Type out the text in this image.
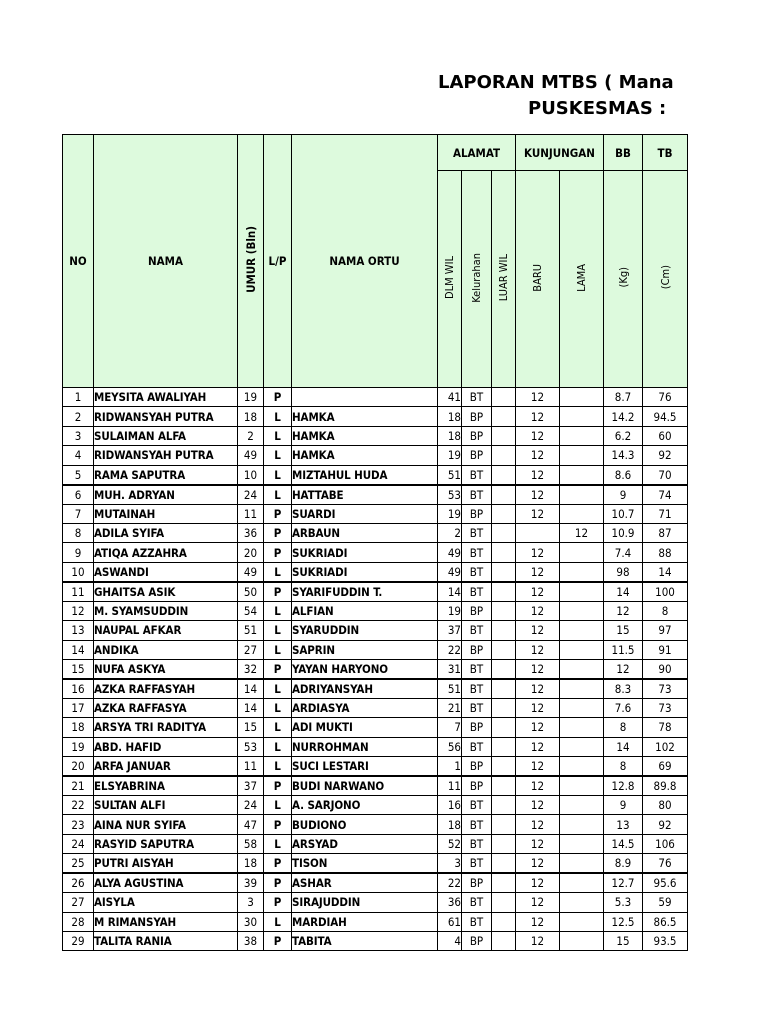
LAPORAN MTBS ( Mana
PUSKESMAS :
NO	NAMA	UMUR (Bln)	L/P	NAMA ORTU	ALAMAT			KUNJUNGAN		BB	TB
					DLM WIL	Kelurahan	LUAR WIL	BARU	LAMA	(Kg)	(Cm)
1	MEYSITA AWALIYAH	19	P		41	BT		12		8.7	76
2	RIDWANSYAH PUTRA	18	L	HAMKA	18	BP		12		14.2	94.5
3	SULAIMAN ALFA	2	L	HAMKA	18	BP		12		6.2	60
4	RIDWANSYAH PUTRA	49	L	HAMKA	19	BP		12		14.3	92
5	RAMA SAPUTRA	10	L	MIZTAHUL HUDA	51	BT		12		8.6	70
6	MUH. ADRYAN	24	L	HATTABE	53	BT		12		9	74
7	MUTAINAH	11	P	SUARDI	19	BP		12		10.7	71
8	ADILA SYIFA	36	P	ARBAUN	2	BT			12	10.9	87
9	ATIQA AZZAHRA	20	P	SUKRIADI	49	BT		12		7.4	88
10	ASWANDI	49	L	SUKRIADI	49	BT		12		98	14
11	GHAITSA ASIK	50	P	SYARIFUDDIN T.	14	BT		12		14	100
12	M. SYAMSUDDIN	54	L	ALFIAN	19	BP		12		12	8
13	NAUPAL AFKAR	51	L	SYARUDDIN	37	BT		12		15	97
14	ANDIKA	27	L	SAPRIN	22	BP		12		11.5	91
15	NUFA ASKYA	32	P	YAYAN HARYONO	31	BT		12		12	90
16	AZKA RAFFASYAH	14	L	ADRIYANSYAH	51	BT		12		8.3	73
17	AZKA RAFFASYA	14	L	ARDIASYA	21	BT		12		7.6	73
18	ARSYA TRI RADITYA	15	L	ADI MUKTI	7	BP		12		8	78
19	ABD. HAFID	53	L	NURROHMAN	56	BT		12		14	102
20	ARFA JANUAR	11	L	SUCI LESTARI	1	BP		12		8	69
21	ELSYABRINA	37	P	BUDI NARWANO	11	BP		12		12.8	89.8
22	SULTAN ALFI	24	L	A. SARJONO	16	BT		12		9	80
23	AINA NUR SYIFA	47	P	BUDIONO	18	BT		12		13	92
24	RASYID SAPUTRA	58	L	ARSYAD	52	BT		12		14.5	106
25	PUTRI AISYAH	18	P	TISON	3	BT		12		8.9	76
26	ALYA AGUSTINA	39	P	ASHAR	22	BP		12		12.7	95.6
27	AISYLA	3	P	SIRAJUDDIN	36	BT		12		5.3	59
28	M RIMANSYAH	30	L	MARDIAH	61	BT		12		12.5	86.5
29	TALITA RANIA	38	P	TABITA	4	BP		12		15	93.5
